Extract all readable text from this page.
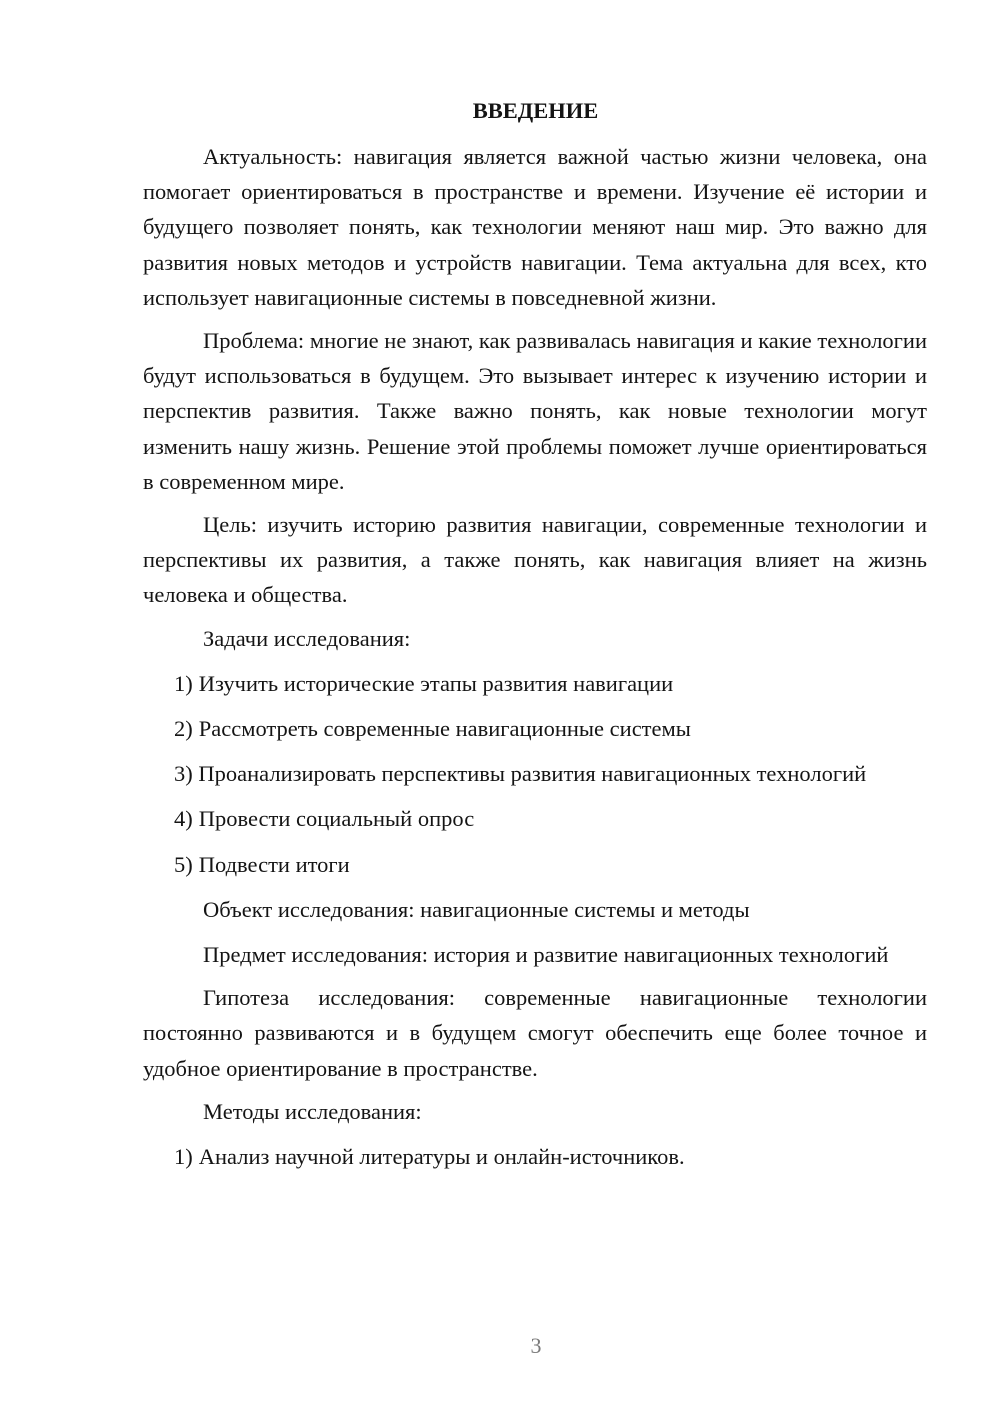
ВВЕДЕНИЕ

Актуальность: навигация является важной частью жизни человека, она помогает ориентироваться в пространстве и времени. Изучение её истории и будущего позволяет понять, как технологии меняют наш мир. Это важно для развития новых методов и устройств навигации. Тема актуальна для всех, кто использует навигационные системы в повседневной жизни.

Проблема: многие не знают, как развивалась навигация и какие технологии будут использоваться в будущем. Это вызывает интерес к изучению истории и перспектив развития. Также важно понять, как новые технологии могут изменить нашу жизнь. Решение этой проблемы поможет лучше ориентироваться в современном мире.

Цель: изучить историю развития навигации, современные технологии и перспективы их развития, а также понять, как навигация влияет на жизнь человека и общества.

Задачи исследования:

1) Изучить исторические этапы развития навигации

2) Рассмотреть современные навигационные системы

3) Проанализировать перспективы развития навигационных технологий

4) Провести социальный опрос

5) Подвести итоги

Объект исследования: навигационные системы и методы

Предмет исследования: история и развитие навигационных технологий

Гипотеза исследования: современные навигационные технологии постоянно развиваются и в будущем смогут обеспечить еще более точное и удобное ориентирование в пространстве.

Методы исследования:

1) Анализ научной литературы и онлайн-источников.

3
